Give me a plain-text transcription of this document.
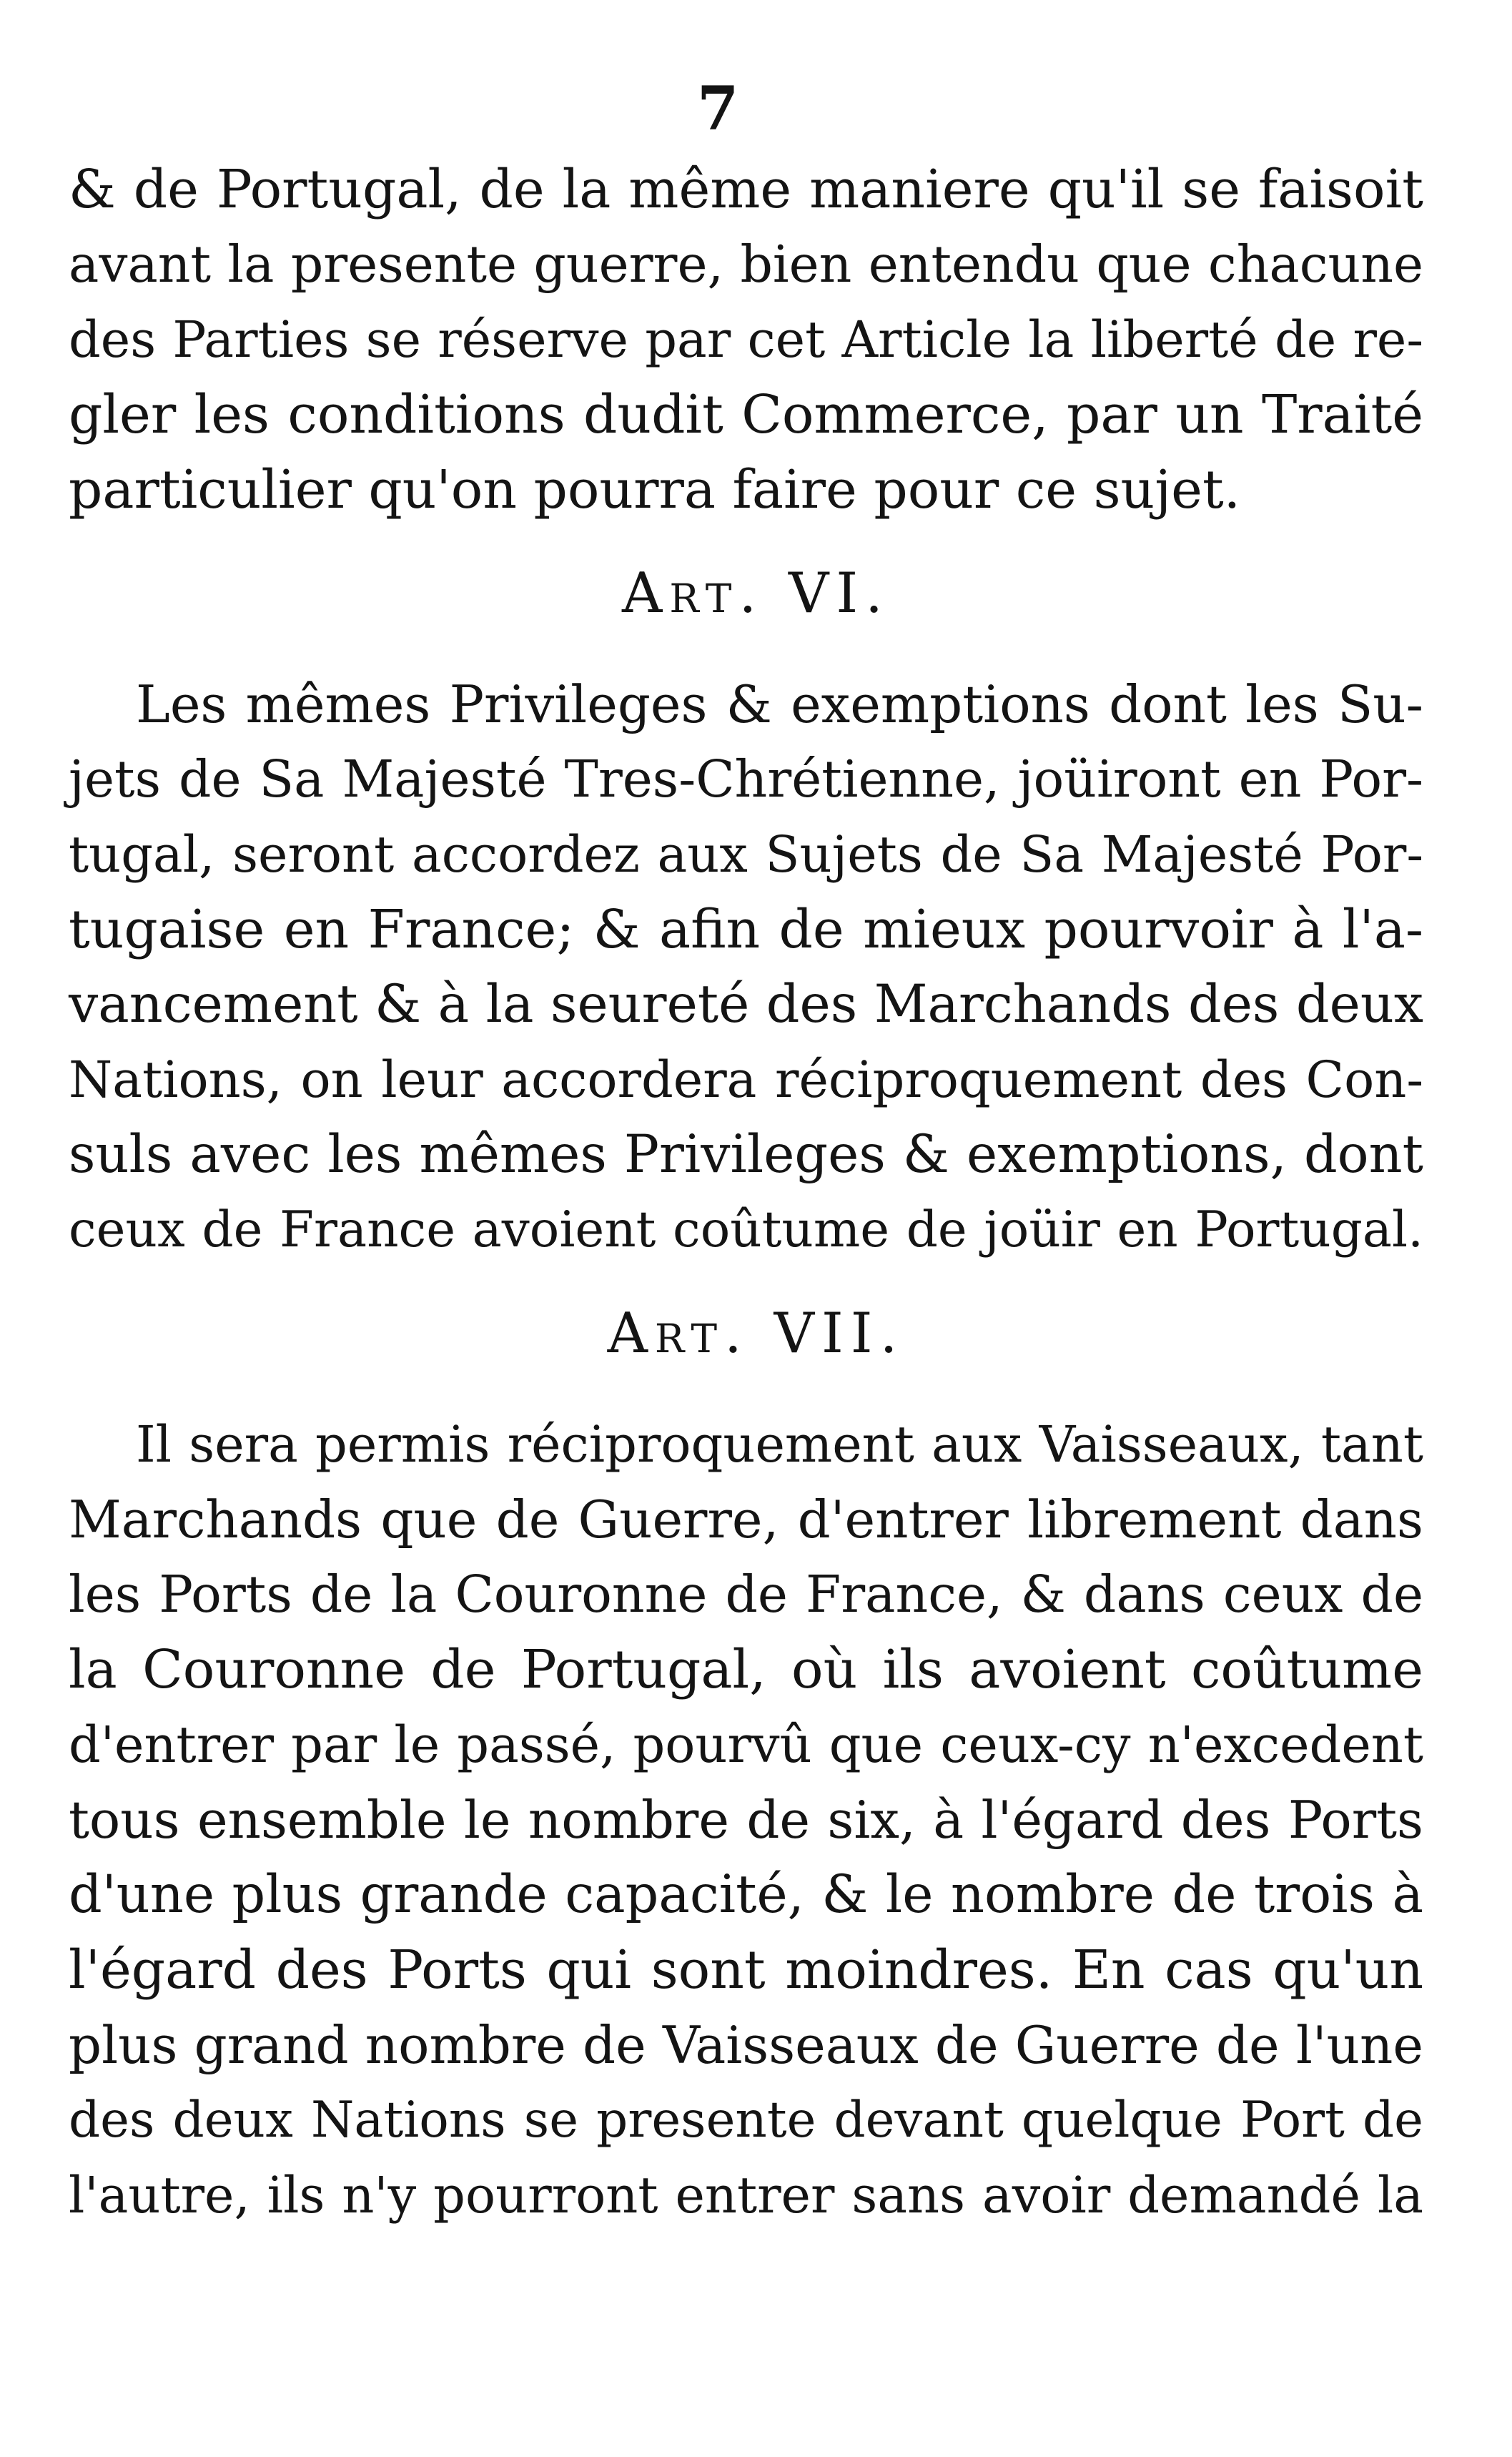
7
& de Portugal, de la même maniere qu'il se faisoit
avant la presente guerre, bien entendu que chacune
des Parties se réserve par cet Article la liberté de re-
gler les conditions dudit Commerce, par un Traité
particulier qu'on pourra faire pour ce sujet.
Art. VI.
Les mêmes Privileges & exemptions dont les Su-
jets de Sa Majesté Tres-Chrétienne, joüiront en Por-
tugal, seront accordez aux Sujets de Sa Majesté Por-
tugaise en France; & afin de mieux pourvoir à l'a-
vancement & à la seureté des Marchands des deux
Nations, on leur accordera réciproquement des Con-
suls avec les mêmes Privileges & exemptions, dont
ceux de France avoient coûtume de joüir en Portugal.
Art. VII.
Il sera permis réciproquement aux Vaisseaux, tant
Marchands que de Guerre, d'entrer librement dans
les Ports de la Couronne de France, & dans ceux de
la Couronne de Portugal, où ils avoient coûtume
d'entrer par le passé, pourvû que ceux-cy n'excedent
tous ensemble le nombre de six, à l'égard des Ports
d'une plus grande capacité, & le nombre de trois à
l'égard des Ports qui sont moindres. En cas qu'un
plus grand nombre de Vaisseaux de Guerre de l'une
des deux Nations se presente devant quelque Port de
l'autre, ils n'y pourront entrer sans avoir demandé la
